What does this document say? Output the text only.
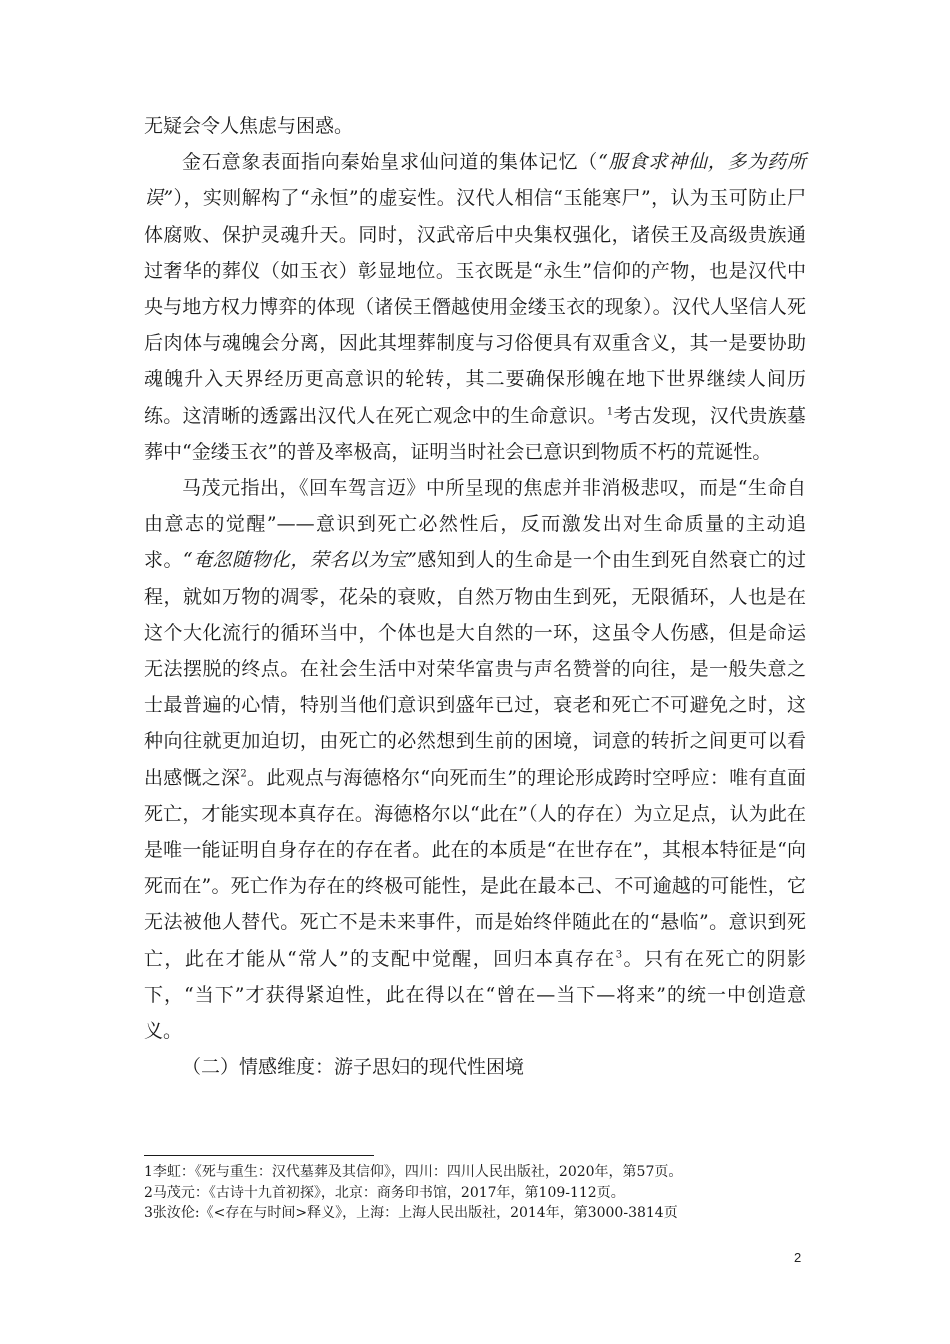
无疑会令人焦虑与困惑。

金石意象表面指向秦始皇求仙问道的集体记忆（“服食求神仙，多为药所误”），实则解构了“永恒”的虚妄性。汉代人相信“玉能寒尸”，认为玉可防止尸体腐败、保护灵魂升天。同时，汉武帝后中央集权强化，诸侯王及高级贵族通过奢华的葬仪（如玉衣）彰显地位。玉衣既是“永生”信仰的产物，也是汉代中央与地方权力博弈的体现（诸侯王僭越使用金缕玉衣的现象）。汉代人坚信人死后肉体与魂魄会分离，因此其埋葬制度与习俗便具有双重含义，其一是要协助魂魄升入天界经历更高意识的轮转，其二要确保形魄在地下世界继续人间历练。这清晰的透露出汉代人在死亡观念中的生命意识。$^1$考古发现，汉代贵族墓葬中“金缕玉衣”的普及率极高，证明当时社会已意识到物质不朽的荒诞性。

马茂元指出，《回车驾言迈》中所呈现的焦虑并非消极悲叹，而是“生命自由意志的觉醒”——意识到死亡必然性后，反而激发出对生命质量的主动追求。“奄忽随物化，荣名以为宝”感知到人的生命是一个由生到死自然衰亡的过程，就如万物的凋零，花朵的衰败，自然万物由生到死，无限循环，人也是在这个大化流行的循环当中，个体也是大自然的一环，这虽令人伤感，但是命运无法摆脱的终点。在社会生活中对荣华富贵与声名赞誉的向往，是一般失意之士最普遍的心情，特别当他们意识到盛年已过，衰老和死亡不可避免之时，这种向往就更加迫切，由死亡的必然想到生前的困境，词意的转折之间更可以看出感慨之深$^2$。此观点与海德格尔“向死而生”的理论形成跨时空呼应：唯有直面死亡，才能实现本真存在。海德格尔以“此在”（人的存在）为立足点，认为此在是唯一能证明自身存在的存在者。此在的本质是“在世存在”，其根本特征是“向死而在”。死亡作为存在的终极可能性，是此在最本己、不可逾越的可能性，它无法被他人替代。死亡不是未来事件，而是始终伴随此在的“悬临”。意识到死亡，此在才能从“常人”的支配中觉醒，回归本真存在$^3$。只有在死亡的阴影下，“当下”才获得紧迫性，此在得以在“曾在—当下—将来”的统一中创造意义。

（二）情感维度：游子思妇的现代性困境

1李虹：《死与重生：汉代墓葬及其信仰》，四川：四川人民出版社，2020年，第57页。

2马茂元：《古诗十九首初探》，北京：商务印书馆，2017年，第109-112页。

3张汝伦:《<存在与时间>释义》，上海：上海人民出版社，2014年，第3000-3814页

2
